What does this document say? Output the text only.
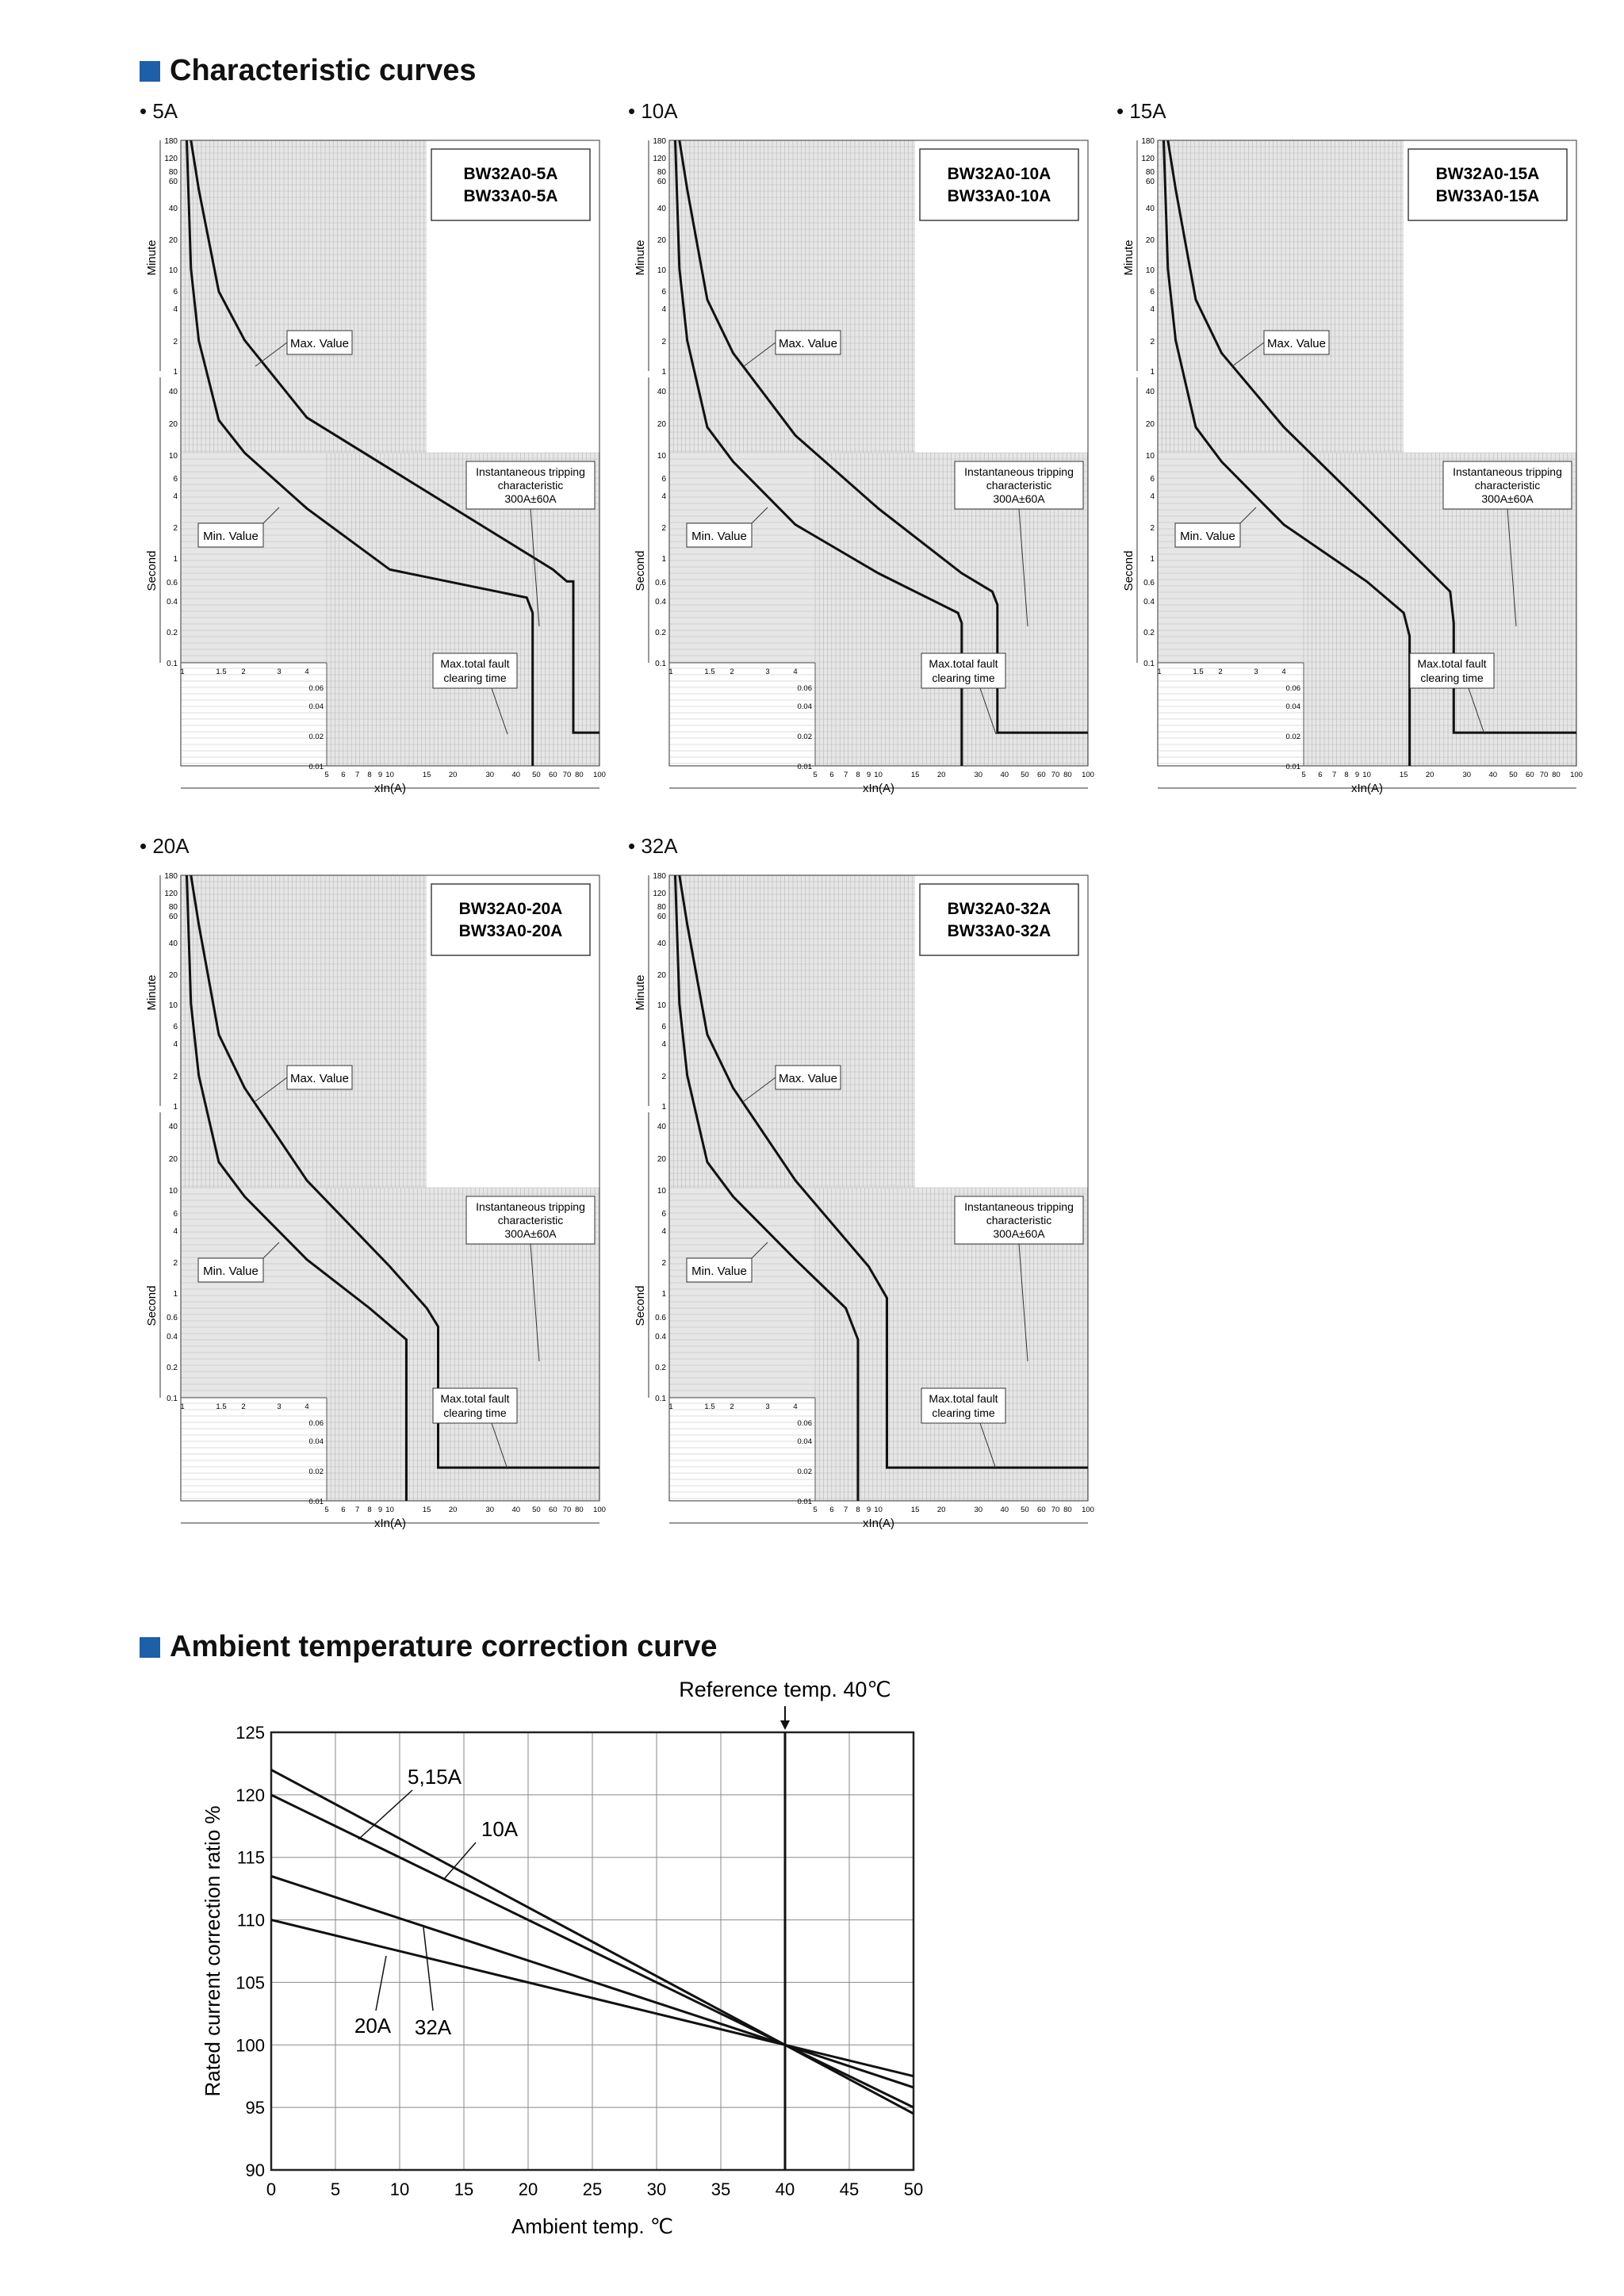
Characteristic curves
Ambient temperature correction curve
• 5A	• 10A	• 15A
• 20A	• 32A
Minute
Second
180
120
80
60
40
20
10
6
4
2
1
40
20
10
6
4
2
1
0.6
0.4
0.2
0.1
0.06
0.04
0.02
0.01
1	1.5 2	3	4
5 6 7 8 9 10	15 20	30 40 50 60 70 80 100
xIn(A)
BW32A0-5A
BW33A0-5A
Max. Value
Min. Value
Instantaneous tripping
characteristic
300A±60A
Max.total fault
clearing time
Minute
Second
180
120
80
60
40
20
10
6
4
2
1
40
20
10
6
4
2
1
0.6
0.4
0.2
0.1
0.06
0.04
0.02
0.01
1	1.5 2	3	4
5 6 7 8 9 10	15 20	30 40 50 60 70 80 100
xIn(A)
BW32A0-10A
BW33A0-10A
Max. Value
Min. Value
Instantaneous tripping
characteristic
300A±60A
Max.total fault
clearing time
Minute
Second
180
120
80
60
40
20
10
6
4
2
1
40
20
10
6
4
2
1
0.6
0.4
0.2
0.1
0.06
0.04
0.02
0.01
1	1.5 2	3	4
5 6 7 8 9 10	15 20	30 40 50 60 70 80 100
xIn(A)
BW32A0-15A
BW33A0-15A
Max. Value
Min. Value
Instantaneous tripping
characteristic
300A±60A
Max.total fault
clearing time
Minute
Second
180
120
80
60
40
20
10
6
4
2
1
40
20
10
6
4
2
1
0.6
0.4
0.2
0.1
0.06
0.04
0.02
0.01
1	1.5 2	3	4
5 6 7 8 9 10	15 20	30 40 50 60 70 80 100
xIn(A)
BW32A0-20A
BW33A0-20A
Max. Value
Min. Value
Instantaneous tripping
characteristic
300A±60A
Max.total fault
clearing time
Minute
Second
180
120
80
60
40
20
10
6
4
2
1
40
20
10
6
4
2
1
0.6
0.4
0.2
0.1
0.06
0.04
0.02
0.01
1	1.5 2	3	4
5 6 7 8 9 10	15 20	30 40 50 60 70 80 100
xIn(A)
BW32A0-32A
BW33A0-32A
Max. Value
Min. Value
Instantaneous tripping
characteristic
300A±60A
Max.total fault
clearing time
0	5	10	15	20	25	30	35	40	45	50
90
95
100
105
110
115
120
125
Ambient temp. ℃
Rated current correction ratio %
Reference temp. 40℃
5,15A
10A
32A
20A
